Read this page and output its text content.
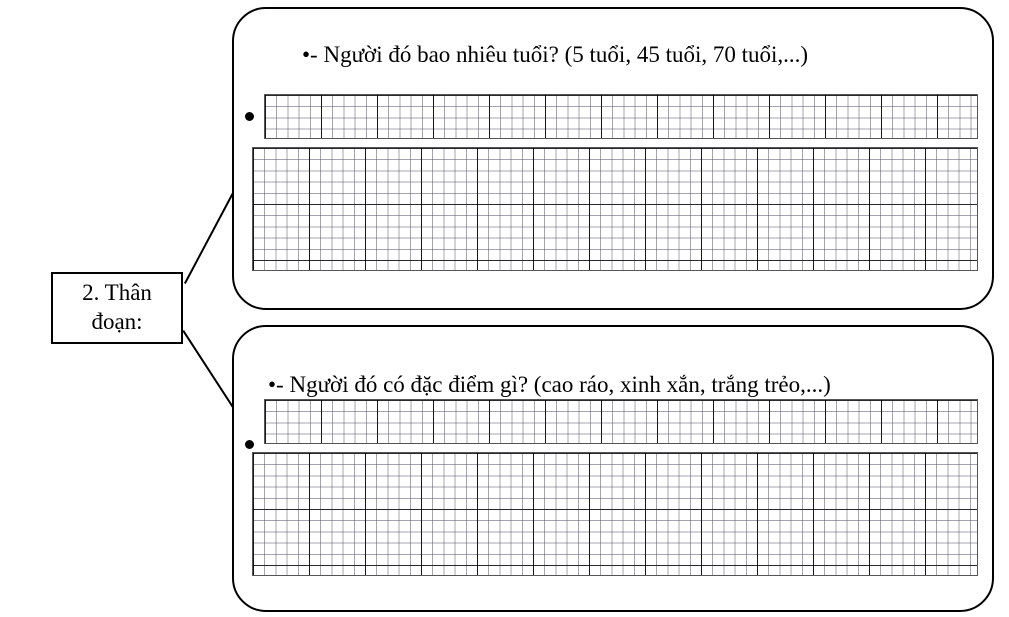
2. Thân
đoạn:
•- Người đó bao nhiêu tuổi? (5 tuổi, 45 tuổi, 70 tuổi,...)
•- Người đó có đặc điểm gì? (cao ráo, xinh xắn, trắng trẻo,...)
